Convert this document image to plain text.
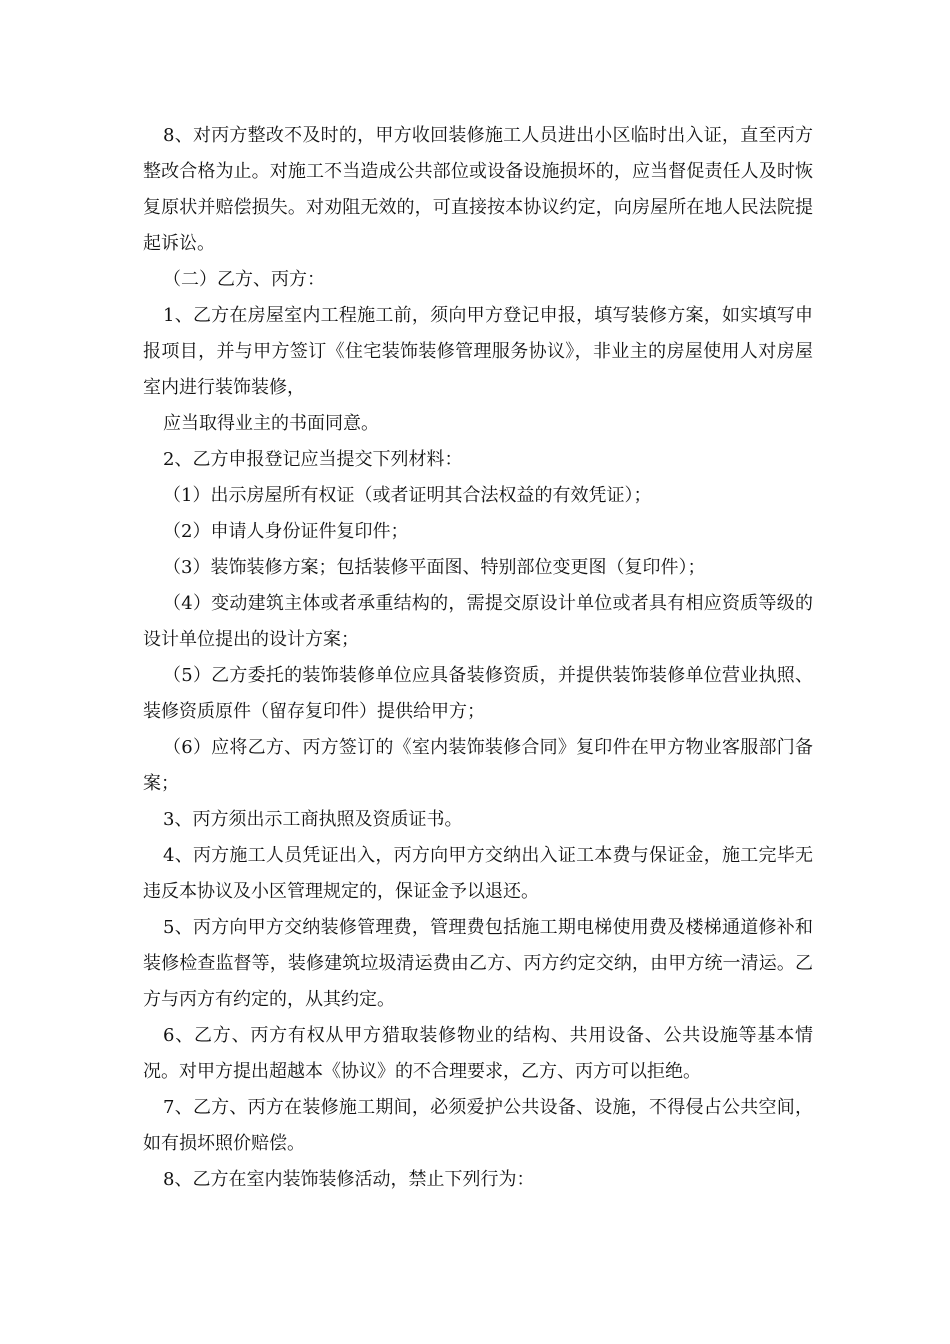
8、对丙方整改不及时的，甲方收回装修施工人员进出小区临时出入证，直至丙方整改合格为止。对施工不当造成公共部位或设备设施损坏的，应当督促责任人及时恢复原状并赔偿损失。对劝阻无效的，可直接按本协议约定，向房屋所在地人民法院提起诉讼。

（二）乙方、丙方：

1、乙方在房屋室内工程施工前，须向甲方登记申报，填写装修方案，如实填写申报项目，并与甲方签订《住宅装饰装修管理服务协议》，非业主的房屋使用人对房屋室内进行装饰装修，

应当取得业主的书面同意。

2、乙方申报登记应当提交下列材料：

（1）出示房屋所有权证（或者证明其合法权益的有效凭证）；

（2）申请人身份证件复印件；

（3）装饰装修方案；包括装修平面图、特别部位变更图（复印件）；

（4）变动建筑主体或者承重结构的，需提交原设计单位或者具有相应资质等级的设计单位提出的设计方案；

（5）乙方委托的装饰装修单位应具备装修资质，并提供装饰装修单位营业执照、装修资质原件（留存复印件）提供给甲方；

（6）应将乙方、丙方签订的《室内装饰装修合同》复印件在甲方物业客服部门备案；

3、丙方须出示工商执照及资质证书。

4、丙方施工人员凭证出入，丙方向甲方交纳出入证工本费与保证金，施工完毕无违反本协议及小区管理规定的，保证金予以退还。

5、丙方向甲方交纳装修管理费，管理费包括施工期电梯使用费及楼梯通道修补和装修检查监督等，装修建筑垃圾清运费由乙方、丙方约定交纳，由甲方统一清运。乙方与丙方有约定的，从其约定。

6、乙方、丙方有权从甲方猎取装修物业的结构、共用设备、公共设施等基本情况。对甲方提出超越本《协议》的不合理要求，乙方、丙方可以拒绝。

7、乙方、丙方在装修施工期间，必须爱护公共设备、设施，不得侵占公共空间，如有损坏照价赔偿。

8、乙方在室内装饰装修活动，禁止下列行为：
